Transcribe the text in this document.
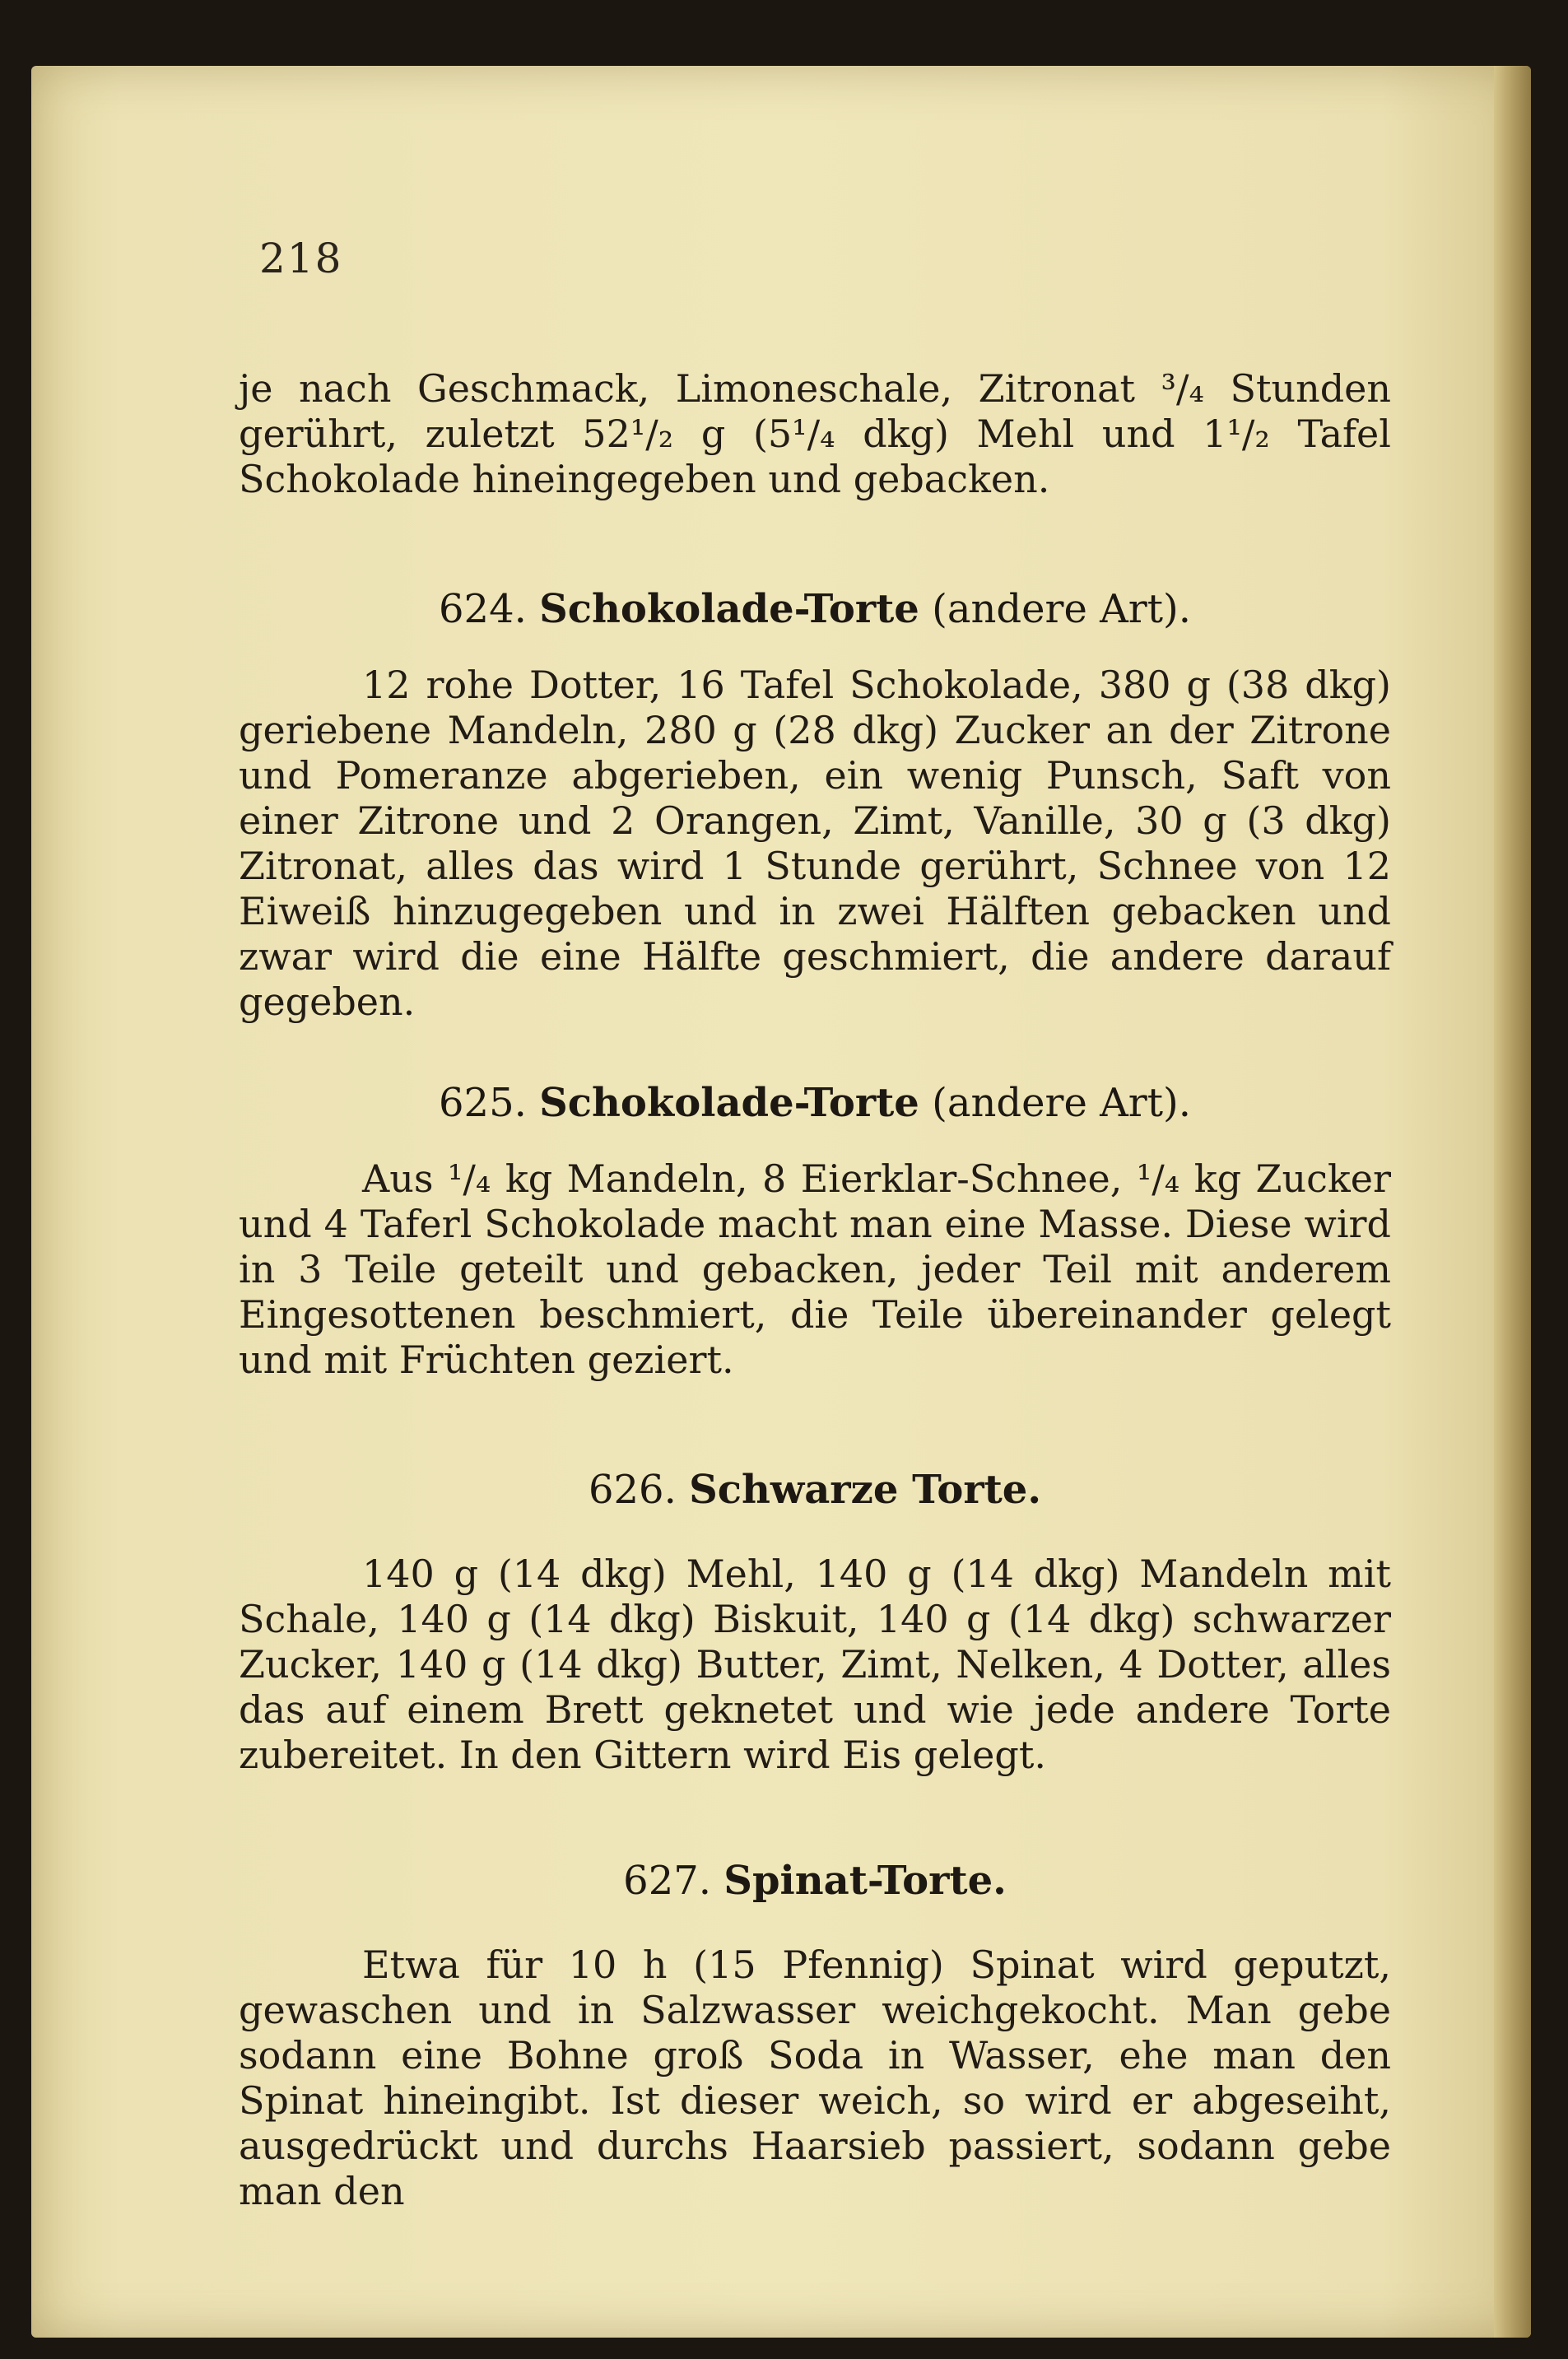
218
je nach Geschmack, Limoneschale, Zitronat ³/₄ Stunden gerührt, zuletzt 52¹/₂ g (5¹/₄ dkg) Mehl und 1¹/₂ Tafel Schokolade hineingegeben und gebacken.
624. Schokolade-Torte (andere Art).
12 rohe Dotter, 16 Tafel Schokolade, 380 g (38 dkg) geriebene Mandeln, 280 g (28 dkg) Zucker an der Zitrone und Pomeranze abgerieben, ein wenig Punsch, Saft von einer Zitrone und 2 Orangen, Zimt, Vanille, 30 g (3 dkg) Zitronat, alles das wird 1 Stunde gerührt, Schnee von 12 Eiweiß hinzugegeben und in zwei Hälften gebacken und zwar wird die eine Hälfte geschmiert, die andere darauf gegeben.
625. Schokolade-Torte (andere Art).
Aus ¹/₄ kg Mandeln, 8 Eierklar-Schnee, ¹/₄ kg Zucker und 4 Taferl Schokolade macht man eine Masse. Diese wird in 3 Teile geteilt und gebacken, jeder Teil mit anderem Eingesottenen beschmiert, die Teile übereinander gelegt und mit Früchten geziert.
626. Schwarze Torte.
140 g (14 dkg) Mehl, 140 g (14 dkg) Mandeln mit Schale, 140 g (14 dkg) Biskuit, 140 g (14 dkg) schwarzer Zucker, 140 g (14 dkg) Butter, Zimt, Nelken, 4 Dotter, alles das auf einem Brett geknetet und wie jede andere Torte zubereitet. In den Gittern wird Eis gelegt.
627. Spinat-Torte.
Etwa für 10 h (15 Pfennig) Spinat wird geputzt, gewaschen und in Salzwasser weichgekocht. Man gebe sodann eine Bohne groß Soda in Wasser, ehe man den Spinat hineingibt. Ist dieser weich, so wird er abgeseiht, ausgedrückt und durchs Haarsieb passiert, sodann gebe man den
